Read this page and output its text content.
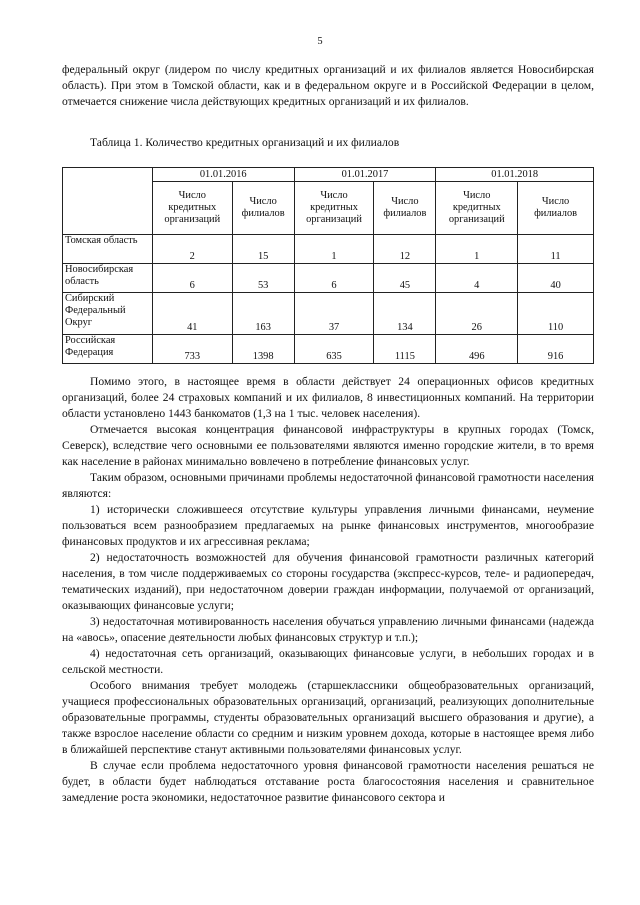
5

федеральный округ (лидером по числу кредитных организаций и их филиалов является Новосибирская область). При этом в Томской области, как и в федеральном округе и в Российской Федерации в целом, отмечается снижение числа действующих кредитных организаций и их филиалов.

Таблица 1. Количество кредитных организаций и их филиалов
	01.01.2016		01.01.2017		01.01.2018	
	Число кредитных организаций	Число филиалов	Число кредитных организаций	Число филиалов	Число кредитных организаций	Число филиалов
Томская область	2	15	1	12	1	11
Новосибирская область	6	53	6	45	4	40
Сибирский Федеральный Округ	41	163	37	134	26	110
Российская Федерация	733	1398	635	1115	496	916

Помимо этого, в настоящее время в области действует 24 операционных офисов кредитных организаций, более 24 страховых компаний и их филиалов, 8 инвестиционных компаний. На территории области установлено 1443 банкоматов (1,3 на 1 тыс. человек населения).

Отмечается высокая концентрация финансовой инфраструктуры в крупных городах (Томск, Северск), вследствие чего основными ее пользователями являются именно городские жители, в то время как население в районах минимально вовлечено в потребление финансовых услуг.

Таким образом, основными причинами проблемы недостаточной финансовой грамотности населения являются:

1) исторически сложившееся отсутствие культуры управления личными финансами, неумение пользоваться всем разнообразием предлагаемых на рынке финансовых инструментов, многообразие финансовых продуктов и их агрессивная реклама;

2) недостаточность возможностей для обучения финансовой грамотности различных категорий населения, в том числе поддерживаемых со стороны государства (экспресс-курсов, теле- и радиопередач, тематических изданий), при недостаточном доверии граждан информации, получаемой от организаций, оказывающих финансовые услуги;

3) недостаточная мотивированность населения обучаться управлению личными финансами (надежда на «авось», опасение деятельности любых финансовых структур и т.п.);

4) недостаточная сеть организаций, оказывающих финансовые услуги, в небольших городах и в сельской местности.

Особого внимания требует молодежь (старшеклассники общеобразовательных организаций, учащиеся профессиональных образовательных организаций, организаций, реализующих дополнительные образовательные программы, студенты образовательных организаций высшего образования и другие), а также взрослое население области со средним и низким уровнем дохода, которые в настоящее время либо в ближайшей перспективе станут активными пользователями финансовых услуг.

В случае если проблема недостаточного уровня финансовой грамотности населения решаться не будет, в области будет наблюдаться отставание роста благосостояния населения и сравнительное замедление роста экономики, недостаточное развитие финансового сектора и
